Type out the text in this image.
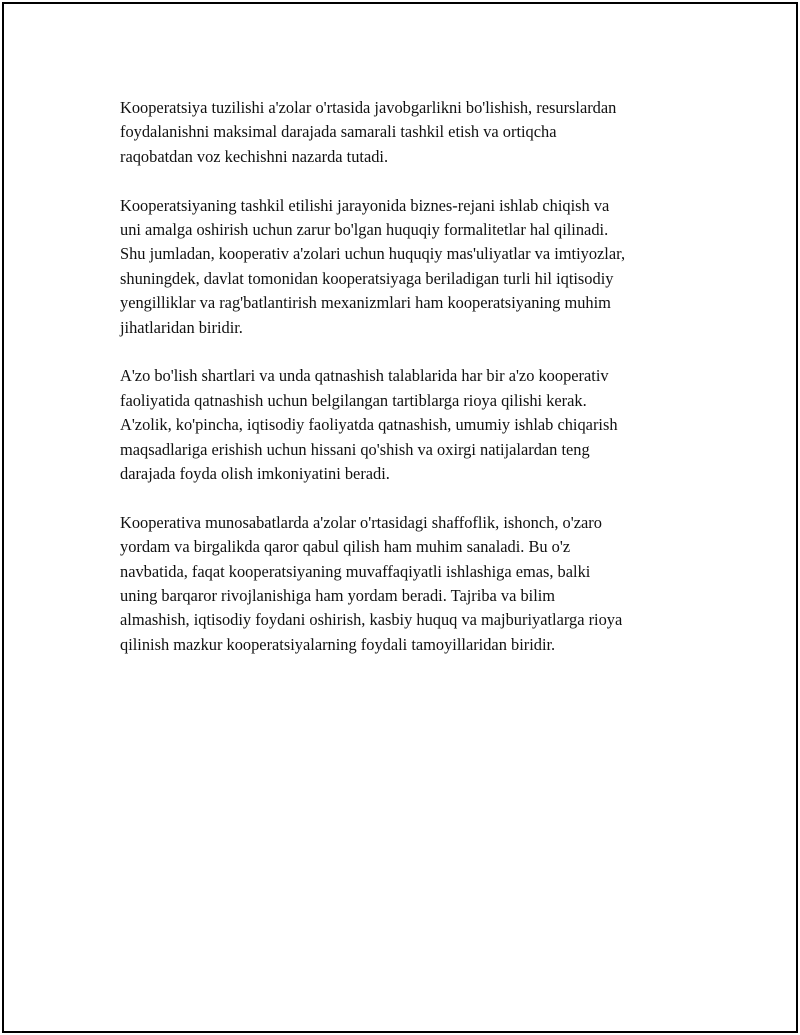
Kooperatsiya tuzilishi a'zolar o'rtasida javobgarlikni bo'lishish, resurslardan
foydalanishni maksimal darajada samarali tashkil etish va ortiqcha
raqobatdan voz kechishni nazarda tutadi.

Kooperatsiyaning tashkil etilishi jarayonida biznes-rejani ishlab chiqish va
uni amalga oshirish uchun zarur bo'lgan huquqiy formalitetlar hal qilinadi.
Shu jumladan, kooperativ a'zolari uchun huquqiy mas'uliyatlar va imtiyozlar,
shuningdek, davlat tomonidan kooperatsiyaga beriladigan turli hil iqtisodiy
yengilliklar va rag'batlantirish mexanizmlari ham kooperatsiyaning muhim
jihatlaridan biridir.

A'zo bo'lish shartlari va unda qatnashish talablarida har bir a'zo kooperativ
faoliyatida qatnashish uchun belgilangan tartiblarga rioya qilishi kerak.
A'zolik, ko'pincha, iqtisodiy faoliyatda qatnashish, umumiy ishlab chiqarish
maqsadlariga erishish uchun hissani qo'shish va oxirgi natijalardan teng
darajada foyda olish imkoniyatini beradi.

Kooperativa munosabatlarda a'zolar o'rtasidagi shaffoflik, ishonch, o'zaro
yordam va birgalikda qaror qabul qilish ham muhim sanaladi. Bu o'z
navbatida, faqat kooperatsiyaning muvaffaqiyatli ishlashiga emas, balki
uning barqaror rivojlanishiga ham yordam beradi. Tajriba va bilim
almashish, iqtisodiy foydani oshirish, kasbiy huquq va majburiyatlarga rioya
qilinish mazkur kooperatsiyalarning foydali tamoyillaridan biridir.
